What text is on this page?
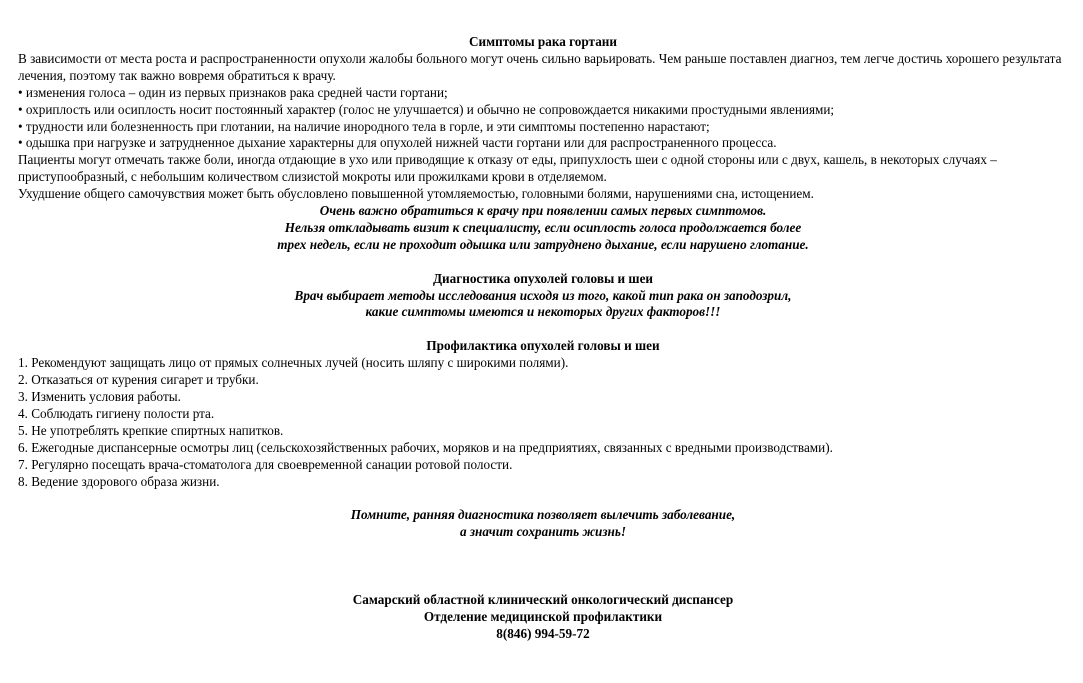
Симптомы рака гортани
В зависимости от места роста и распространенности опухоли жалобы больного могут очень сильно варьировать. Чем раньше поставлен диагноз, тем легче достичь хорошего результата лечения, поэтому так важно вовремя обратиться к врачу.
• изменения голоса – один из первых признаков рака средней части гортани;
• охриплость или осиплость носит постоянный характер (голос не улучшается) и обычно не сопровождается никакими простудными явлениями;
• трудности или болезненность при глотании, на наличие инородного тела в горле, и эти симптомы постепенно нарастают;
• одышка при нагрузке и затрудненное дыхание характерны для опухолей нижней части гортани или для распространенного процесса.
Пациенты могут отмечать также боли, иногда отдающие в ухо или приводящие к отказу от еды, припухлость шеи с одной стороны или с двух, кашель, в некоторых случаях – приступообразный, с небольшим количеством слизистой мокроты или прожилками крови в отделяемом.
Ухудшение общего самочувствия может быть обусловлено повышенной утомляемостью, головными болями, нарушениями сна, истощением.
Очень важно обратиться к врачу при появлении самых первых симптомов.
Нельзя откладывать визит к специалисту, если осиплость голоса продолжается более
трех недель, если не проходит одышка или затруднено дыхание, если нарушено глотание.
Диагностика опухолей головы и шеи
Врач выбирает методы исследования исходя из того, какой тип рака он заподозрил,
какие симптомы имеются и некоторых других факторов!!!
Профилактика опухолей головы и шеи
1. Рекомендуют защищать лицо от прямых солнечных лучей (носить шляпу с широкими полями).
2. Отказаться от курения сигарет и трубки.
3. Изменить условия работы.
4. Соблюдать гигиену полости рта.
5. Не употреблять крепкие спиртных напитков.
6. Ежегодные диспансерные осмотры лиц (сельскохозяйственных рабочих, моряков и на предприятиях, связанных с вредными производствами).
7. Регулярно посещать врача-стоматолога для своевременной санации ротовой полости.
8. Ведение здорового образа жизни.
Помните, ранняя диагностика позволяет вылечить заболевание,
а значит сохранить жизнь!
Самарский областной клинический онкологический диспансер
Отделение медицинской профилактики
8(846) 994-59-72
